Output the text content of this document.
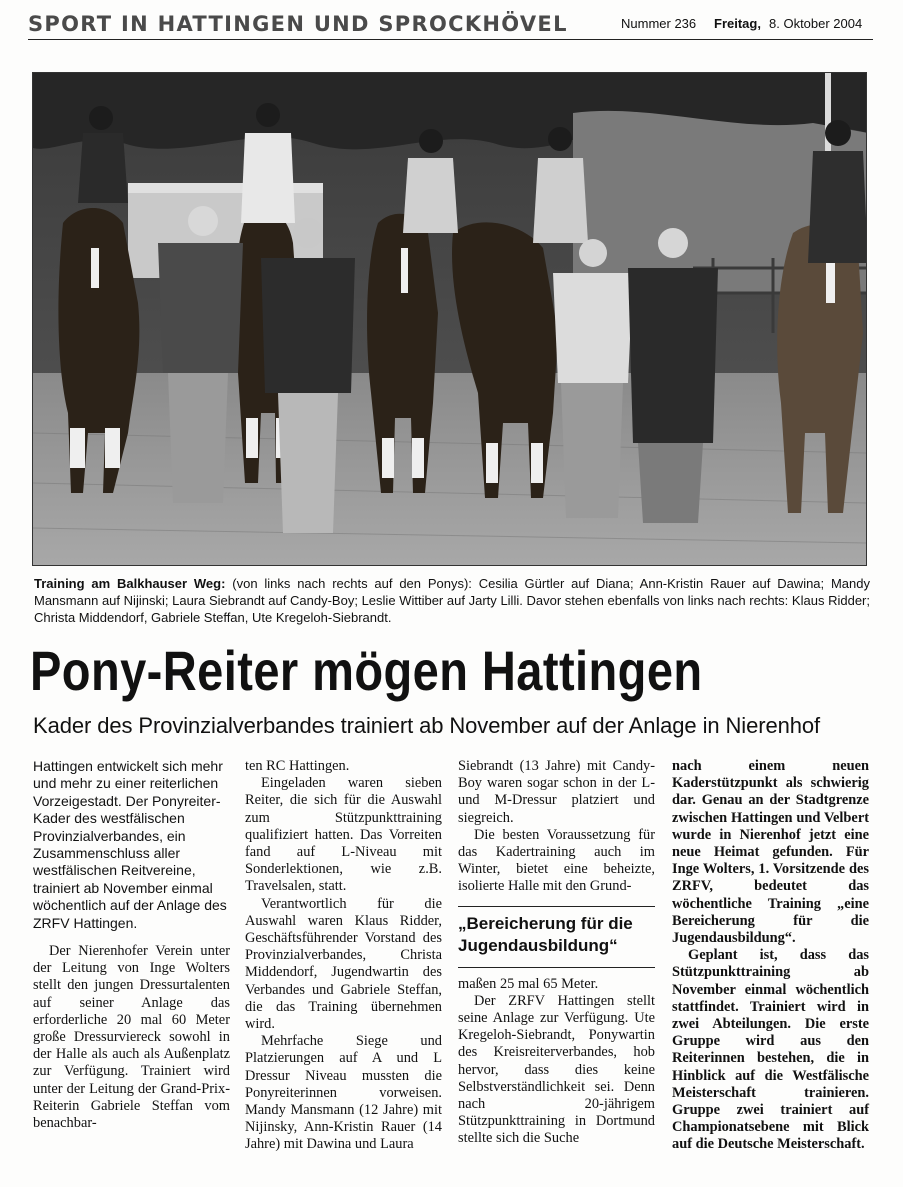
SPORT IN HATTINGEN UND SPROCKHÖVEL	Nummer 236 Freitag, 8. Oktober 2004
Training am Balkhauser Weg: (von links nach rechts auf den Ponys): Cesilia Gürtler auf Diana; Ann-Kristin Rauer auf Dawina; Mandy Mansmann auf Nijinski; Laura Siebrandt auf Candy-Boy; Leslie Wittiber auf Jarty Lilli. Davor stehen ebenfalls von links nach rechts: Klaus Ridder; Christa Middendorf, Gabriele Steffan, Ute Kregeloh-Siebrandt.
Pony-Reiter mögen Hattingen
Kader des Provinzialverbandes trainiert ab November auf der Anlage in Nierenhof

Hattingen entwickelt sich mehr und mehr zu einer reiterlichen Vorzeigestadt. Der Ponyreiter-Kader des westfälischen Provinzialverbandes, ein Zusammenschluss aller westfälischen Reitvereine, trainiert ab November einmal wöchentlich auf der Anlage des ZRFV Hattingen.

Der Nierenhofer Verein unter der Leitung von Inge Wolters stellt den jungen Dressurtalenten auf seiner Anlage das erforderliche 20 mal 60 Meter große Dressurviereck sowohl in der Halle als auch als Außenplatz zur Verfügung. Trainiert wird unter der Leitung der Grand-Prix-Reiterin Gabriele Steffan vom benachbar-

ten RC Hattingen.

Eingeladen waren sieben Reiter, die sich für die Auswahl zum Stützpunkttraining qualifiziert hatten. Das Vorreiten fand auf L-Niveau mit Sonderlektionen, wie z.B. Travelsalen, statt.

Verantwortlich für die Auswahl waren Klaus Ridder, Geschäftsführender Vorstand des Provinzialverbandes, Christa Middendorf, Jugendwartin des Verbandes und Gabriele Steffan, die das Training übernehmen wird.

Mehrfache Siege und Platzierungen auf A und L Dressur Niveau mussten die Ponyreiterinnen vorweisen. Mandy Mansmann (12 Jahre) mit Nijinsky, Ann-Kristin Rauer (14 Jahre) mit Dawina und Laura

Siebrandt (13 Jahre) mit Candy-Boy waren sogar schon in der L- und M-Dressur platziert und siegreich.

Die besten Voraussetzung für das Kadertraining auch im Winter, bietet eine beheizte, isolierte Halle mit den Grund-

„Bereicherung für die Jugendausbildung“

maßen 25 mal 65 Meter.

Der ZRFV Hattingen stellt seine Anlage zur Verfügung. Ute Kregeloh-Siebrandt, Ponywartin des Kreisreiterverbandes, hob hervor, dass dies keine Selbstverständlichkeit sei. Denn nach 20-jährigem Stützpunkttraining in Dortmund stellte sich die Suche

nach einem neuen Kaderstützpunkt als schwierig dar. Genau an der Stadtgrenze zwischen Hattingen und Velbert wurde in Nierenhof jetzt eine neue Heimat gefunden. Für Inge Wolters, 1. Vorsitzende des ZRFV, bedeutet das wöchentliche Training „eine Bereicherung für die Jugendausbildung“.

Geplant ist, dass das Stützpunkttraining ab November einmal wöchentlich stattfindet. Trainiert wird in zwei Abteilungen. Die erste Gruppe wird aus den Reiterinnen bestehen, die in Hinblick auf die Westfälische Meisterschaft trainieren. Gruppe zwei trainiert auf Championatsebene mit Blick auf die Deutsche Meisterschaft.
